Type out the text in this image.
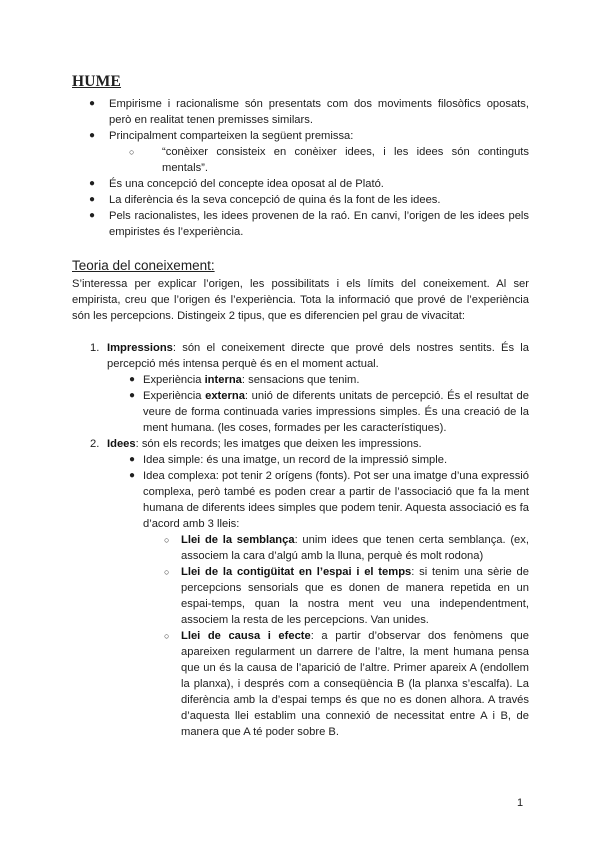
HUME
● Empirisme i racionalisme són presentats com dos moviments filosòfics oposats, però en realitat tenen premisses similars.
● Principalment comparteixen la següent premissa:
○ “conèixer consisteix en conèixer idees, i les idees són continguts mentals”.
● És una concepció del concepte idea oposat al de Plató.
● La diferència és la seva concepció de quina és la font de les idees.
● Pels racionalistes, les idees provenen de la raó. En canvi, l’origen de les idees pels empiristes és l’experiència.
Teoria del coneixement:
S’interessa per explicar l’origen, les possibilitats i els límits del coneixement. Al ser empirista, creu que l’origen és l’experiència. Tota la informació que prové de l’experiència són les percepcions. Distingeix 2 tipus, que es diferencien pel grau de vivacitat:
1. Impressions: són el coneixement directe que prové dels nostres sentits. És la percepció més intensa perquè és en el moment actual.
● Experiència interna: sensacions que tenim.
● Experiència externa: unió de diferents unitats de percepció. És el resultat de veure de forma continuada varies impressions simples. És una creació de la ment humana. (les coses, formades per les característiques).
2. Idees: són els records; les imatges que deixen les impressions.
● Idea simple: és una imatge, un record de la impressió simple.
● Idea complexa: pot tenir 2 orígens (fonts). Pot ser una imatge d’una expressió complexa, però també es poden crear a partir de l’associació que fa la ment humana de diferents idees simples que podem tenir. Aquesta associació es fa d’acord amb 3 lleis:
○ Llei de la semblança: unim idees que tenen certa semblança. (ex, associem la cara d’algú amb la lluna, perquè és molt rodona)
○ Llei de la contigüitat en l’espai i el temps: si tenim una sèrie de percepcions sensorials que es donen de manera repetida en un espai-temps, quan la nostra ment veu una independentment, associem la resta de les percepcions. Van unides.
○ Llei de causa i efecte: a partir d’observar dos fenòmens que apareixen regularment un darrere de l’altre, la ment humana pensa que un és la causa de l’aparició de l’altre. Primer apareix A (endollem la planxa), i després com a conseqüència B (la planxa s’escalfa). La diferència amb la d’espai temps és que no es donen alhora. A través d’aquesta llei establim una connexió de necessitat entre A i B, de manera que A té poder sobre B.
1
